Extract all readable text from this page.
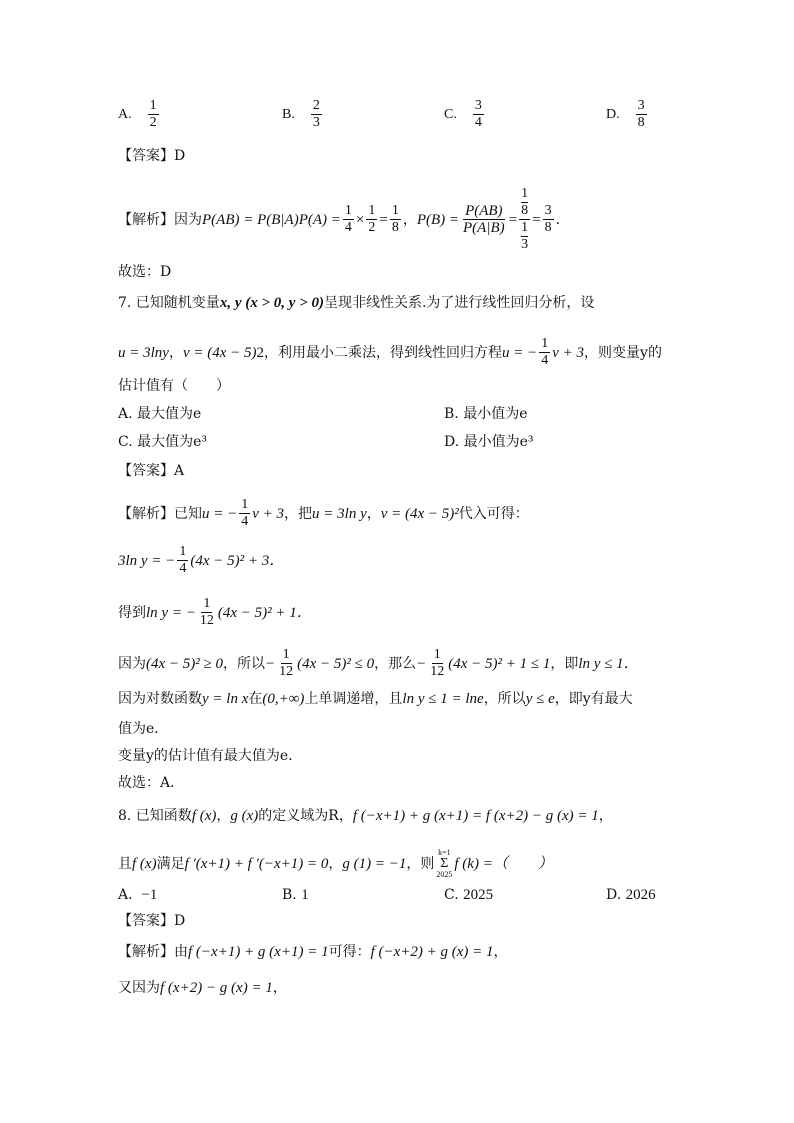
A. $\frac{1}{2}$	B. $\frac{2}{3}$	C. $\frac{3}{4}$	D. $\frac{3}{8}$
【答案】D
【解析】因为 $P(AB) = P(B|A)P(A) = \frac{1}{4} \times \frac{1}{2} = \frac{1}{8}$ ， $P(B) = \frac{P(AB)}{P(A|B)} = 1$
8
1
$3 = \frac{3}{8}$ .
故选：D
7. 已知随机变量x, y (x > 0, y > 0)呈现非线性关系.为了进行线性回归分析，设
u = 3lny ， v = (4x − 5) 2 ，利用最小二乘法，得到线性回归方程 u = − $\frac{1}{4}$ v + 3 ，则变量y的
估计值有（　　）
A. 最大值为e	B. 最小值为e
C. 最大值为e³	D. 最小值为e³
【答案】A
【解析】已知 u = − $\frac{1}{4}$ v + 3 ，把 u = 3ln y ， v = (4x − 5)² 代入可得：
3ln y = − $\frac{1}{4} (4x - 5)^2 + 3$．
得到 ln y = − $\frac{1}{12} (4x - 5)^2 + 1$．
因为 (4x − 5)² ≥ 0 ，所以 − $\frac{1}{12} (4x - 5)^2 \le 0$ ，那么 − $\frac{1}{12} (4x - 5)^2 + 1 \le 1$ ，即 ln y ≤ 1．
因为对数函数y = ln x在(0,+∞)上单调递增，且ln y ≤ 1 = lne，所以y ≤ e，即y有最大
值为e．
变量y的估计值有最大值为e．
故选：A．
8. 已知函数f (x)，g (x)的定义域为R，f (−x+1) + g (x+1) = f (x+2) − g (x) = 1，
且 f (x) 满足 f ′(x+1) + f ′(−x+1) = 0 ， g (1) = −1 ，则
k=1
Σ
2025
f (k) =（　　）
A. −1	B. 1	C. 2025	D. 2026
【答案】D
【解析】由f (−x+1) + g (x+1) = 1可得：f (−x+2) + g (x) = 1，
又因为f (x+2) − g (x) = 1，
